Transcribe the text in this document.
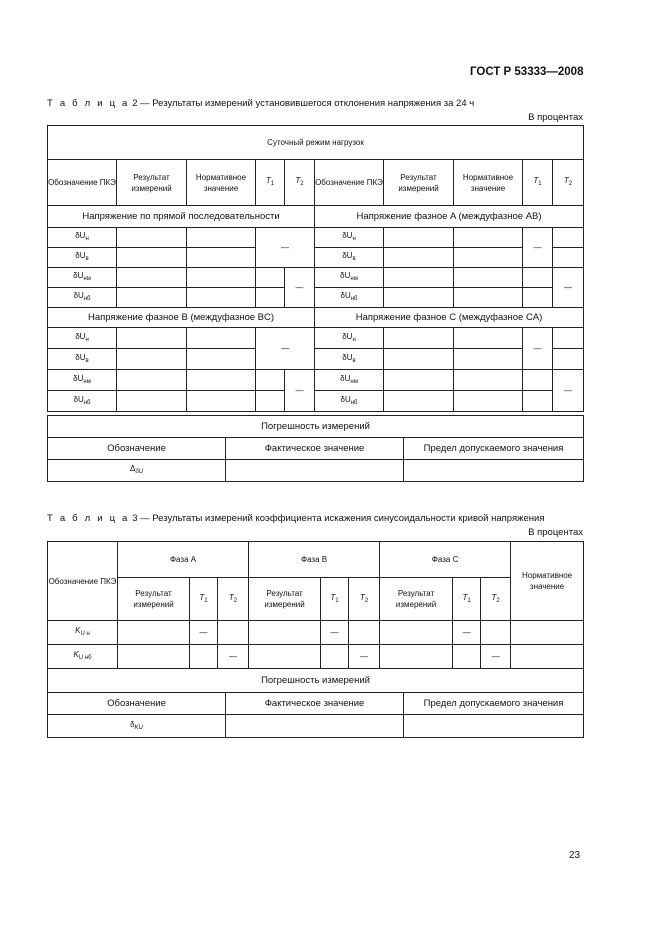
ГОСТ Р 53333—2008
Т а б л и ц а 2 — Результаты измерений установившегося отклонения напряжения за 24 ч
В процентах
Суточный режим нагрузок									
Обозначение ПКЭ	Результат измерений	Нормативное значение	$T_1$	$T_2$	Обозначение ПКЭ	Результат измерений	Нормативное значение	$T_1$	$T_2$
Напряжение по прямой последовательности					Напряжение фазное A (междуфазное AB)				
$\delta U_н$			—		$\delta U_н$			—	
$\delta U_в$					$\delta U_в$			
$\delta U_{нм}$				—	$\delta U_{нм}$				—
$\delta U_{нб}$					$\delta U_{нб}$			
Напряжение фазное B (междуфазное BC)					Напряжение фазное C (междуфазное CA)				
$\delta U_н$			—		$\delta U_н$			—	
$\delta U_в$					$\delta U_в$			
$\delta U_{нм}$				—	$\delta U_{нм}$				—
$\delta U_{нб}$					$\delta U_{нб}$			
Погрешность измерений		
Обозначение	Фактическое значение	Предел допускаемого значения
$\Delta_{\delta U}$		
Т а б л и ц а 3 — Результаты измерений коэффициента искажения синусоидальности кривой напряжения
В процентах
Обозначение ПКЭ	Фаза А			Фаза В			Фаза С			Нормативное значение
	Результат измерений	$T_1$	$T_2$	Результат измерений	$T_1$	$T_2$	Результат измерений	$T_1$	$T_2$
$K_{U н}$		—			—			—		
$K_{U нб}$			—			—			—	
Погрешность измерений		
Обозначение	Фактическое значение	Предел допускаемого значения
$\delta_{KU}$		
23
